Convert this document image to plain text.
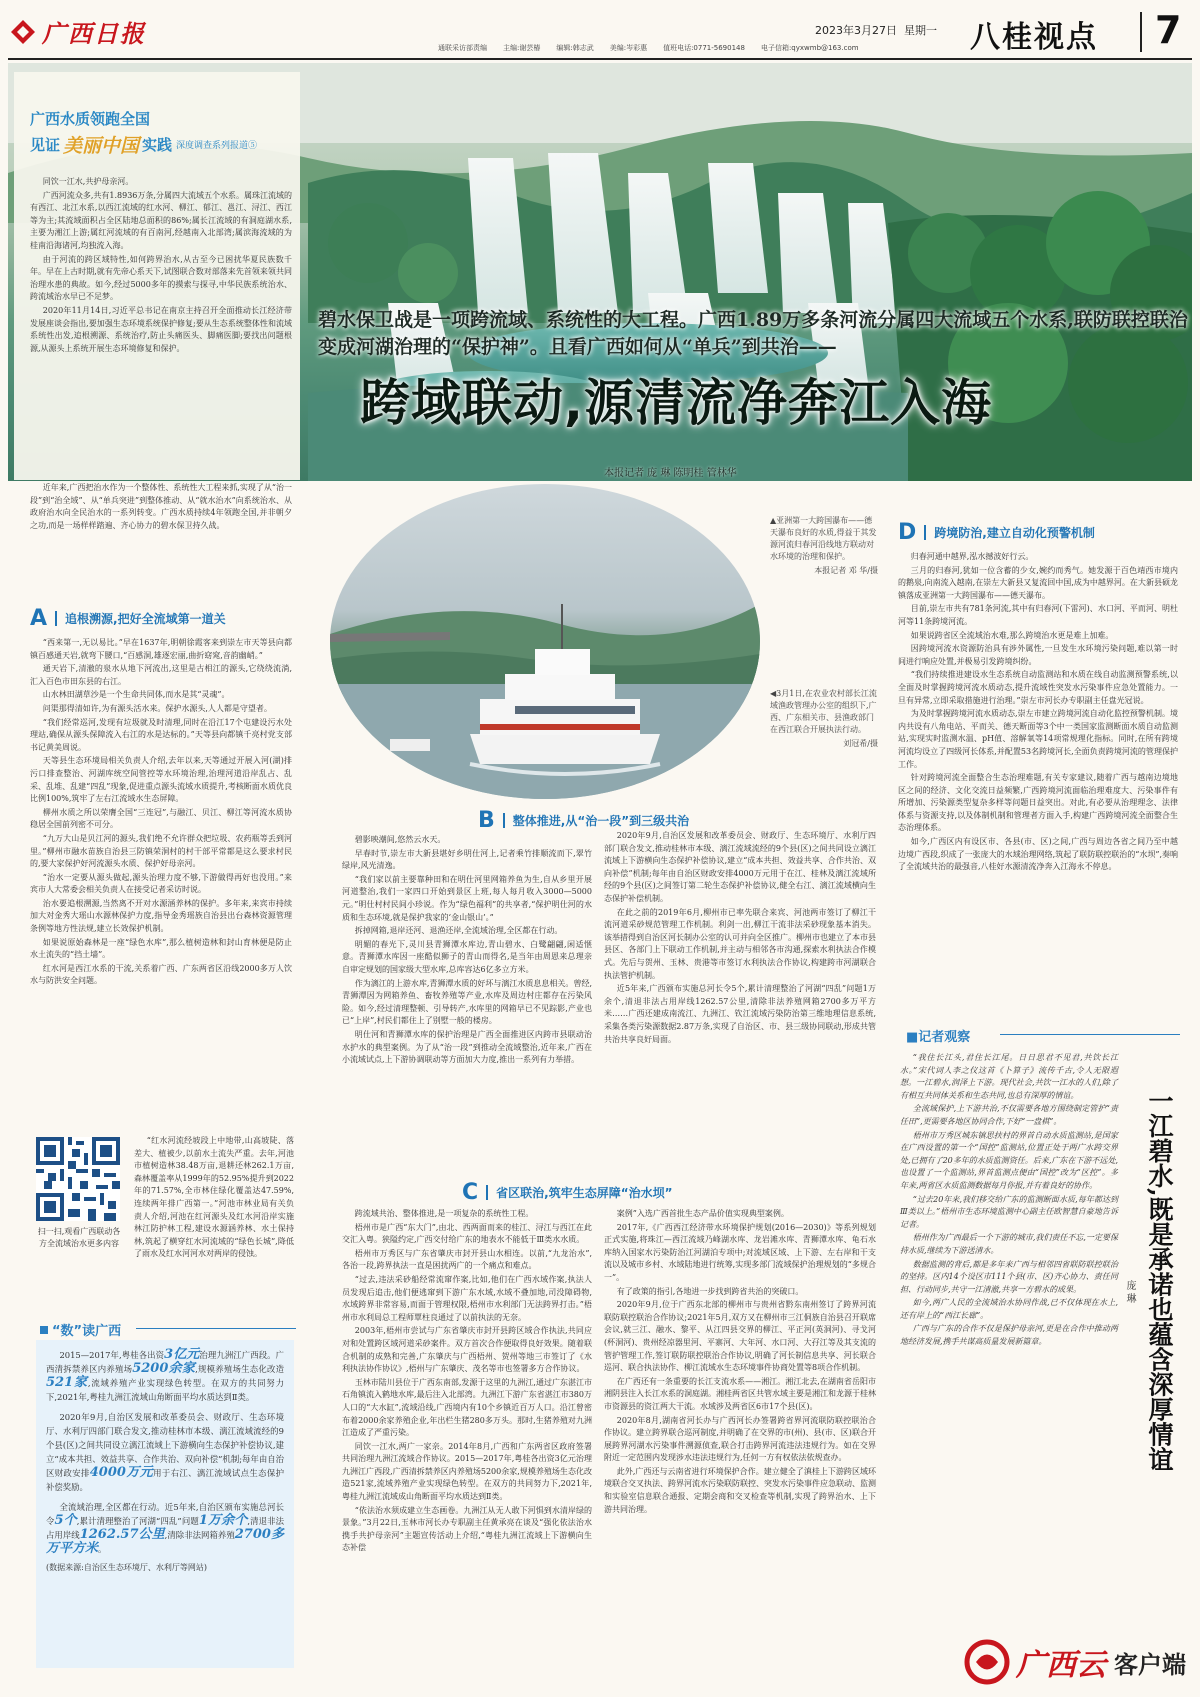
广西日报	2023年3月27日 星期一
通联采访部责编 主编:谢芸椿 编辑:韩志武 美编:岑彩惠 值班电话:0771-5690148 电子信箱:qyxwmb@163.com	八桂视点 7
碧水保卫战是一项跨流域、系统性的大工程。广西1.89万多条河流分属四大流域五个水系,联防联控联治变成河湖治理的“保护神”。且看广西如何从“单兵”到共治——
跨域联动,源清流净奔江入海
本报记者 庞 琳 陈明桂 管林华
广西水质领跑全国
见证 美丽中国 实践 深度调查系列报道⑤

同饮一江水,共护母亲河。

广西河流众多,共有1.8936万条,分属四大流域五个水系。属珠江流域的有西江、北江水系,以西江流域的红水河、柳江、郁江、邕江、浔江、西江等为主;其流域面积占全区陆地总面积的86%;属长江流域的有洞庭湖水系,主要为湘江上游;属红河流域的有百南河,经越南入北部湾;属滨海流域的为桂南沿海诸河,均独流入海。

由于河流的跨区域特性,如何跨界治水,从古至今已困扰华夏民族数千年。早在上古时期,就有先帝心系天下,试图联合数对部落来先首领来领共同治理水患的典故。如今,经过5000多年的摸索与探寻,中华民族系统治水、跨流域治水早已不足梦。

2020年11月14日,习近平总书记在南京主持召开全面推动长江经济带发展座谈会指出,要加强生态环境系统保护修复;要从生态系统整体性和流域系统性出发,追根溯源、系统治疗,防止头痛医头、脚痛医脚;要找出问题根源,从源头上系统开展生态环境修复和保护。

近年来,广西把治水作为一个整体性、系统性大工程来抓,实现了从“治一段”到“治全域”、从“单兵突进”到整体推动、从“就水治水”向系统治水、从政府治水向全民治水的一系列转变。广西水质持续4年领跑全国,并非朝夕之功,而是一场样样踏遍、齐心协力的碧水保卫持久战。

▲亚洲第一大跨国瀑布——德天瀑布良好的水质,得益于其发源河流归春河沿线地方联动对水环境的治理和保护。
本报记者 邓 华/摄
◀3月1日,在农业农村部长江流域渔政管理办公室的组织下,广西、广东相关市、县渔政部门在西江联合开展执法行动。
刘冠希/摄
A 追根溯源,把好全流域第一道关

“西来第一,无以易比。”早在1637年,明朝徐霞客来到崇左市天等县向都镇百感通天岩,就弯下腰口,“百感洞,雄逐宏丽,曲折窈窕,音韵幽峭。”

通天岩下,清澈的泉水从地下河流出,这里是古相江的源头,它绕绕流淌,汇入百色市田东县的右江。

山水林田湖草沙是一个生命共同体,而水是其“灵魂”。

问渠那得清如许,为有源头活水来。保护水源头,人人都是守望者。

“我们经常巡河,发现有垃圾就及时清理,同时在沿江17个屯建设污水处理站,确保从源头保障流入右江的水是达标的。”天等县向都镇千亮村党支部书记黄美周说。

天等县生态环境局相关负责人介绍,去年以来,天等通过开展入河(湖)排污口排查整治、河湖库统空间管控等水环境治理,治理河道沿岸乱占、乱采、乱堆、乱建“四乱”现象,促进重点源头流域水质提升,考核断面水质优良比例100%,筑牢了左右江流域水生态屏障。

柳州水质之所以荣膺全国“三连冠”,与融江、贝江、柳江等河流水质协稳居全国前列密不可分。

“九万大山是贝江河的源头,我们绝不允许群众把垃圾、农药瓶等丢到河里。”柳州市融水苗族自治县三防镇荣洞村的村干部平常都是这么要求村民的,要大家保护好河流源头水质、保护好母亲河。

“治水一定要从源头做起,源头治理力度不够,下游做得再好也没用。”来宾市人大常委会相关负责人在接受记者采访时说。

治水要追根溯源,当然离不开对水源涵养林的保护。多年来,来宾市持续加大对金秀大瑶山水源林保护力度,指导金秀瑶族自治县出台森林资源管理条例等地方性法规,建立长效保护机制。

如果说原始森林是一座“绿色水库”,那么植树造林和封山育林便是防止水土流失的“挡土墙”。

红水河是西江水系的干流,关系着广西、广东两省区沿线2000多万人饮水与防洪安全问题。

“红水河流经坡段上中地带,山高坡陡、落差大、植被少,以前水土流失严重。去年,河池市植树造林38.48万亩,退耕还林262.1万亩,森林覆盖率从1999年的52.95%提升到2022年的71.57%,全市林住绿化覆盖达47.59%,连续两年排广西第一。”河池市林业局有关负责人介绍,河池在红河源头及红水河沿岸实施林江防护林工程,建设水源涵养林、水土保持林,筑起了横穿红水河流域的“绿色长城”,降低了雨水及红水河河水对两岸的侵蚀。

扫一扫,观看广西联动各方全流域治水更多内容
“数”读广西

2015—2017年,粤桂各出资3亿元治理九洲江广西段。广西清拆禁养区内养殖场5200余家,规模养殖场生态化改造521家,流域养殖产业实现绿色转型。在双方的共同努力下,2021年,粤桂九洲江流域山角断面平均水质达到Ⅱ类。

2020年9月,自治区发展和改革委员会、财政厅、生态环境厅、水利厅四部门联合发文,推动桂林市本级、漓江流域流经的9个县(区)之间共同设立漓江流域上下游横向生态保护补偿协议,建立“成本共担、效益共享、合作共治、双向补偿”机制;每年由自治区财政安排4000万元用于右江、漓江流域试点生态保护补偿奖励。

全流域治理,全区都在行动。近5年来,自治区颁布实施总河长令5个,累计清理整治了河湖“四乱”问题1万余个,清退非法占用岸线1262.57公里,清除非法网箱养殖2700多万平方米。

(数据来源:自治区生态环境厅、水利厅等网站)
B 整体推进,从“治一段”到三级共治

碧影映潮间,悠然云水天。

早春时节,崇左市大新县堪好乡明仕河上,记者乘竹排顺流而下,翠竹绿岸,风光清逸。

“我们家以前主要靠种田和在明仕河里网箱养鱼为生,自从乡里开展河道整治,我们一家四口开始到景区上班,每人每月收入3000—5000元。”明仕村村民间小珍说。作为“绿色福利”的共享者,“保护明仕河的水质和生态环境,就是保护我家的‘金山银山’。”

拆掉网箱,退岸还河、退渔还岸,全流域治理,全区都在行动。

明媚的春光下,灵川县青狮潭水库边,青山碧水、白鹭翩翩,闲适惬意。青狮潭水库因一座酷似狮子的青山而得名,是当年由周恩来总理亲自审定规划的国家级大型水库,总库容达6亿多立方米。

作为漓江的上游水库,青狮潭水质的好坏与漓江水质息息相关。曾经,青狮潭因为网箱养鱼、畜牧养殖等产业,水库及周边村庄都存在污染风险。如今,经过清理整顿、引导转产,水库里的网箱早已不见踪影,产业也已“上岸”,村民们都住上了别墅一般的楼房。

明仕河和青狮潭水库的保护治理是广西全面推进区内跨市县联动治水护水的典型案例。为了从“治一段”到推动全流域整治,近年来,广西在小流域试点,上下游协调联动等方面加大力度,推出一系列有力举措。

2020年9月,自治区发展和改革委员会、财政厅、生态环境厅、水利厅四部门联合发文,推动桂林市本级、漓江流域流经的9个县(区)之间共同设立漓江流域上下游横向生态保护补偿协议,建立“成本共担、效益共享、合作共治、双向补偿”机制;每年由自治区财政安排4000万元用于在江、桂林及漓江流域所经的9个县(区)之间签订第二轮生态保护补偿协议,健全右江、漓江流域横向生态保护补偿机制。

在此之前的2019年6月,柳州市已率先联合来宾、河池两市签订了柳江干流河道采砂规范管理工作机制。利剑一出,柳江干流非法采砂现象基本消失。该举措得到自治区河长制办公室的认可并向全区推广。柳州市也建立了本市县县区、各部门上下联动工作机制,并主动与相邻各市沟通,探索水利执法合作模式。先后与贺州、玉林、贵港等市签订水利执法合作协议,构建跨市河湖联合执法管护机制。

近5年来,广西颁布实施总河长令5个,累计清理整治了河湖“四乱”问题1万余个,清退非法占用岸线1262.57公里,清除非法养殖网箱2700多万平方米……广西还建成南流江、九洲江、钦江流域污染防治第三维地理信息系统,采集各类污染源数据2.87万条,实现了自治区、市、县三级协同联动,形成共管共治共享良好局面。

C 省区联治,筑牢生态屏障“治水坝”

跨流域共治、整体推进,是一项复杂的系统性工程。

梧州市是广西“东大门”,由北、西两面而来的桂江、浔江与西江在此交汇入粤。狭隘约定,广西交付给广东的地表水不能低于Ⅲ类水水质。

梧州市万秀区与广东省肇庆市封开县山水相连。以前,“九龙治水”,各治一段,跨界执法一直是困扰两广的一个痛点和难点。

“过去,违法采砂船经常流窜作案,比如,他们在广西水域作案,执法人员发现后追击,他们便逃窜到下游广东水域,水域不叠加地,司没障碍物,水域跨界非常容易,而面于管理权限,梧州市水利部门无法跨界打击。”梧州市水利局总工程师覃柱良通过了以前执法的无奈。

2003年,梧州市尝试与广东省肇庆市封开县跨区域合作执法,共同应对和处置跨区域河道采砂案件。双方首次合作便取得良好效果。随着联合机制的成熟和完善,广东肇庆与广西梧州、贺州等地三市签订了《水利执法协作协议》,梧州与广东肇庆、茂名等市也签署多方合作协议。

玉林市陆川县位于广西东南部,发源于这里的九洲江,通过广东湛江市石角镇流入鹤地水库,最后注入北部湾。九洲江下游广东省湛江市380万人口的“大水缸”,流域沿线,广西境内有10个乡镇近百万人口。沿江曾密布着2000余家养殖企业,年出栏生猪280多万头。那时,生猪养殖对九洲江造成了严重污染。

同饮一江水,两广一家亲。2014年8月,广西和广东两省区政府签署共同治理九洲江流域合作协议。2015—2017年,粤桂各出资3亿元治理九洲江广西段,广西清拆禁养区内养殖场5200余家,规模养殖场生态化改造521家,流域养殖产业实现绿色转型。在双方的共同努力下,2021年,粤桂九洲江流域成山角断面平均水质达到Ⅱ类。

“依法治水须成建立生态画卷。九洲江从无人敢下河惧到水清岸绿的景象。”3月22日,玉林市河长办专职副主任黄承亮在谈及“强化依法治水 携手共护母亲河”主题宣传活动上介绍,“粤桂九洲江流域上下游横向生态补偿

案例”入选广西首批生态产品价值实现典型案例。

2017年,《广西西江经济带水环境保护规划(2016—2030)》等系列规划正式实施,将珠江—西江流域乃峰湖水库、龙岩滩水库、青狮潭水库、龟石水库纳入国家水污染防治江河湖泊专项中;对流域区域、上下游、左右岸和干支流以及城市乡村、水域陆地进行统筹,实现多部门流域保护治理规划的“多规合一”。

有了政策的指引,各地进一步找到跨省共治的突破口。

2020年9月,位于广西东北部的柳州市与贵州省黔东南州签订了跨界河流联防联控联治合作协议;2021年5月,双方又在柳州市三江侗族自治县召开联席会议,就三江、融水、黎平、从江四县交界的柳江、平正河(英洞河)、寻戈河(杯洞河)、贵州经凉器里河、平寨河、大年河、水口河、大孖江等及其支流的管护管理工作,签订联防联控联治合作协议,明确了河长制信息共享、河长联合巡河、联合执法协作、柳江流域水生态环境事件协商处置等8项合作机制。

在广西还有一条重要的长江支流水系——湘江。湘江北去,在湖南省岳阳市湘阴县注入长江水系的洞庭湖。湘桂两省区共管水域主要是湘江和龙源于桂林市资源县的资江两大干流。水域涉及两省区6市17个县(区)。

2020年8月,湖南省河长办与广西河长办签署跨省界河流联防联控联治合作协议。建立跨界联合巡河制度,并明确了在交界的市(州)、县(市、区)联合开展跨界河湖水污染事件溯源侦查,联合打击跨界河流违法违规行为。如在交界附近一定范围内发现涉水违法违规行为,任何一方有权依法依规查办。

此外,广西还与云南省进行环境保护合作。建立健全了滇桂上下游跨区域环境联合交叉执法、跨界河流水污染联防联控、突发水污染事件应急联动、监测和实验室信息联合通报、定期会商和交叉检查等机制,实现了跨界治水、上下游共同治理。

D 跨境防治,建立自动化预警机制

归春河通中越界,泓水撼波好行云。

三月的归春河,犹如一位含蓄的少女,婉约而秀气。她发源于百色靖西市境内的鹅泉,向南流入越南,在崇左大新县又复流回中国,成为中越界河。在大新县硕龙镇落成亚洲第一大跨国瀑布——德天瀑布。

目前,崇左市共有781条河流,其中有归春河(下雷河)、水口河、平而河、明杜河等11条跨境河流。

如果说跨省区全流域治水难,那么跨境治水更是难上加难。

因跨境河流水资源防治具有涉外属性,一旦发生水环境污染问题,难以第一时间进行响应处置,并极易引发跨境纠纷。

“我们持续推进建设水生态系统自动监测站和水质在线自动监测预警系统,以全面及时掌握跨境河流水质动态,提升流域性突发水污染事件应急处置能力。一旦有异常,立即采取措施进行治理。”崇左市河长办专职副主任盘光冠说。

为及时掌握跨境河流水质动态,崇左市建立跨境河流自动化监控预警机制。境内共设有八角电站、平而关、德天断面等3个中一类国家监测断面水质自动监测站,实现实时监测水温、pH值、溶解氧等14项常规理化指标。同时,在所有跨境河流均设立了四级河长体系,并配置53名跨境河长,全面负责跨境河流的管理保护工作。

针对跨境河流全面整合生态治理难题,有关专家建议,随着广西与越南边境地区之间的经济、文化交流日益频繁,广西跨境河流面临治理难度大、污染事件有所增加、污染源类型复杂多样等问题日益突出。对此,有必要从治理理念、法律体系与资源支持,以及体制机制和管理者方面入手,构建广西跨境河流全面整合生态治理体系。

如今,广西区内有设区市、各县(市、区)之间,广西与周边各省之间乃至中越边境广西段,织成了一张庞大的水域治理网络,筑起了联防联控联治的“水坝”,奏响了全流域共治的最强音,八桂好水源清流净奔入江海永不停息。

■记者观察

“我住长江头,君住长江尾。日日思君不见君,共饮长江水。”宋代词人李之仪这首《卜算子》流传千古,令人无限遐想。一江碧水,润泽上下游。现代社会,共饮一江水的人们,除了有相互共同体关系和生态共同,也总有深厚的情谊。

全流域保护,上下游共治,不仅需要各地方围绕制定管护“责任田”,更需要各地区协同合作,下好“一盘棋”。

梧州市万秀区城东镇思扶村的界首自动水质监测站,是国家在广西设置的第一个“国控”监测站,位置正处于两广水跨交界处,已拥有了20多年的水质监测资任。后来,广东在下游不远处,也设置了一个监测站,界首监测点便由“国控”改为“区控”。多年来,两省区水质监测数据每月你报,并有着良好的协作。

“过去20年来,我们移交给广东的监测断面水质,每年都达到Ⅲ类以上。”梧州市生态环境监测中心副主任欧智慧自豪地告诉记者。

梧州作为广西最后一个下游的城市,我们责任不忘,一定要保持水质,继续为下游送清水。

数据监测的背后,都是多年来广西与相邻四省联防联控联治的坚持。区内14个设区市111个县(市、区)齐心协力、责任同担、行动同步,共守一江清澈,共享一方碧水的成果。

如今,两广人民的全流域治水协同作战,已不仅体现在水上,还有岸上的“西江长廊”。

广西与广东的合作不仅是保护母亲河,更是在合作中推动两地经济发展,携手共谋高质量发展新篇章。	一江碧水,既是承诺也蕴含深厚情谊
庞 琳
广西云 客户端
